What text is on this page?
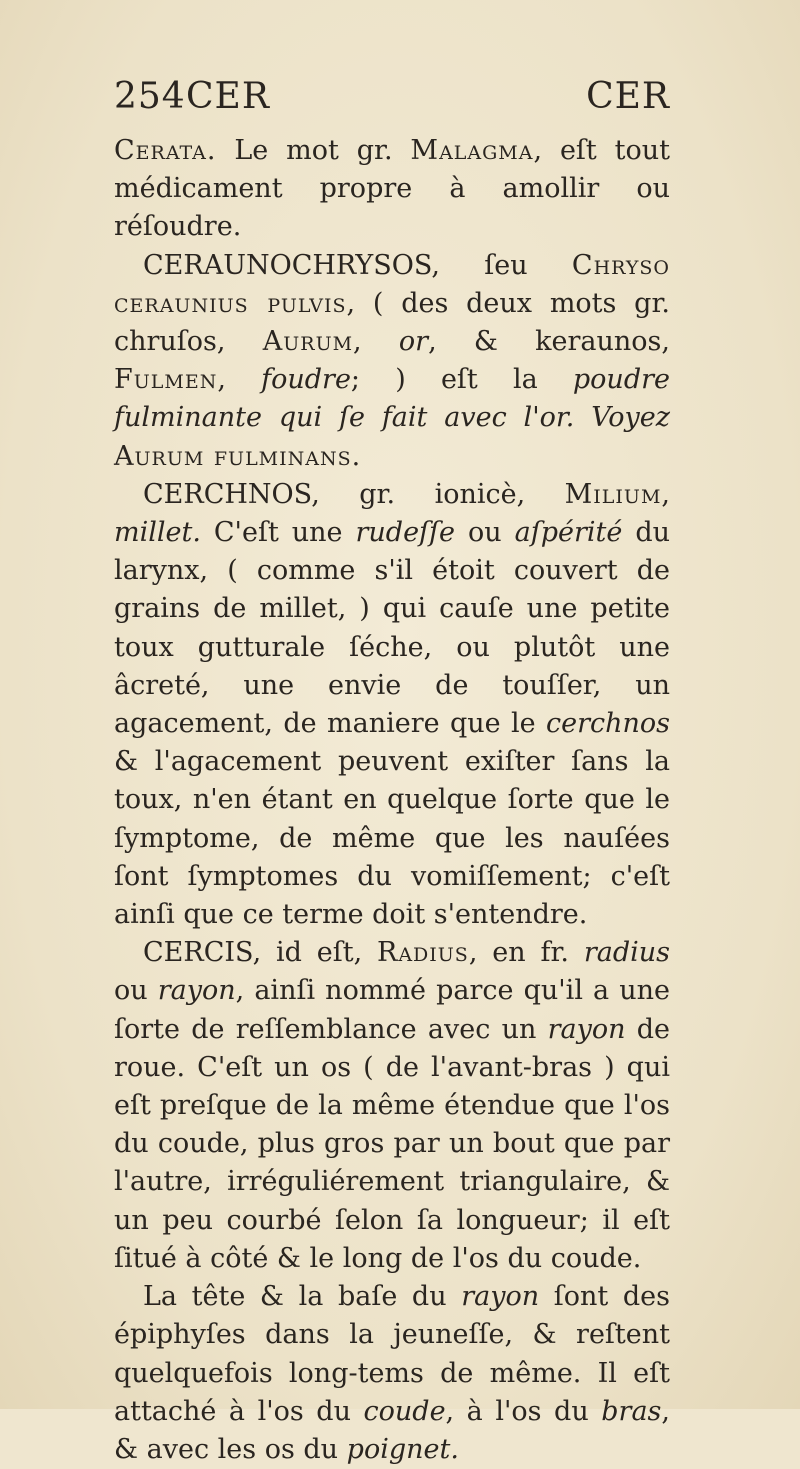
254 CER	CER

Cerata. Le mot gr. Malagma, eſt tout médicament propre à amollir ou réſoudre.

CERAUNOCHRYSOS, ſeu Chryso ceraunius pulvis, ( des deux mots gr. chruſos, Aurum, or, & keraunos, Fulmen, foudre; ) eſt la poudre fulminante qui ſe fait avec l'or. Voyez Aurum fulminans.

CERCHNOS, gr. ionicè, Milium, millet. C'eſt une rudeſſe ou aſpérité du larynx, ( comme s'il étoit couvert de grains de millet, ) qui cauſe une petite toux gutturale ſéche, ou plutôt une âcreté, une envie de touſſer, un agacement, de maniere que le cerchnos & l'agacement peuvent exiſter ſans la toux, n'en étant en quelque ſorte que le ſymptome, de même que les nauſées ſont ſymptomes du vomiſſement; c'eſt ainſi que ce terme doit s'entendre.

CERCIS, id eſt, Radius, en fr. radius ou rayon, ainſi nommé parce qu'il a une ſorte de reſſemblance avec un rayon de roue. C'eſt un os ( de l'avant-bras ) qui eſt preſque de la même étendue que l'os du coude, plus gros par un bout que par l'autre, irréguliérement triangulaire, & un peu courbé ſelon ſa longueur; il eſt ſitué à côté & le long de l'os du coude.

La tête & la baſe du rayon ſont des épiphyſes dans la jeuneſſe, & reſtent quelquefois long-tems de même. Il eſt attaché à l'os du coude, à l'os du bras, & avec les os du poignet.
